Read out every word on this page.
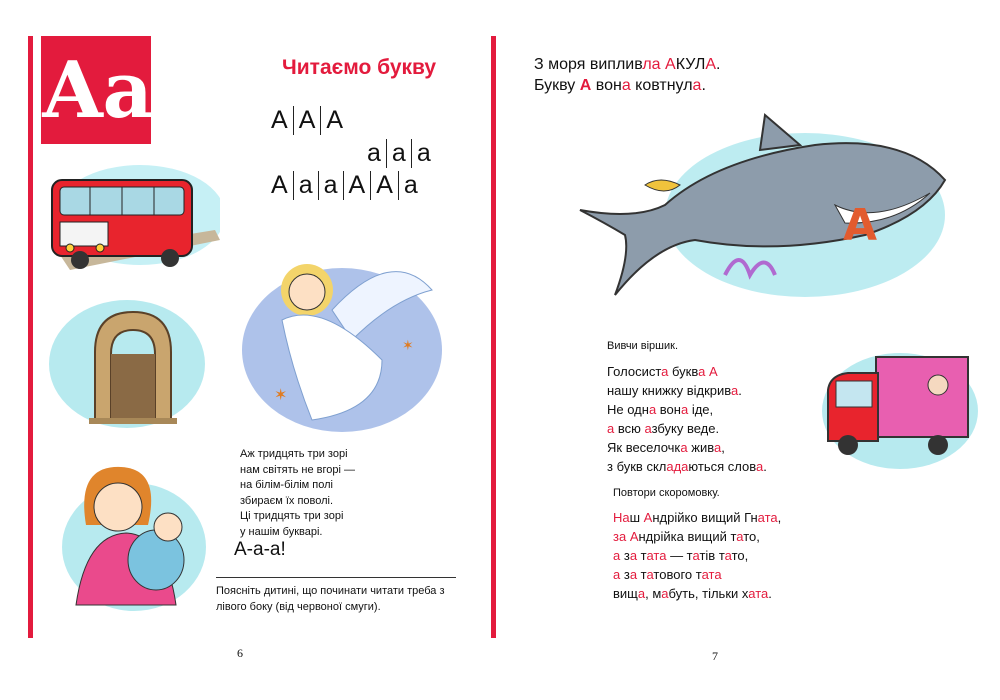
Аа	Читаємо букву
А А А
а а а
А а а А А а
✶
✶
Аж тридцять три зорі
нам світять не вгорі —
на білім-білім полі
збираєм їх поволі.
Ці тридцять три зорі
у нашім букварі.
А-а-а!
Поясніть дитині, що починати читати треба з лівого боку (від червоної смуги).
6
З моря випливла АКУЛА.
Букву А вона ковтнула.
A
Вивчи віршик.
Голосиста буква А
нашу книжку відкрива.
Не одна вона іде,
а всю азбуку веде.
Як веселочка жива,
з букв складаються слова.
Повтори скоромовку.
Наш Андрійко вищий Гната,
за Андрійка вищий тато,
а за тата — татів тато,
а за татового тата
вища, мабуть, тільки хата.
7
